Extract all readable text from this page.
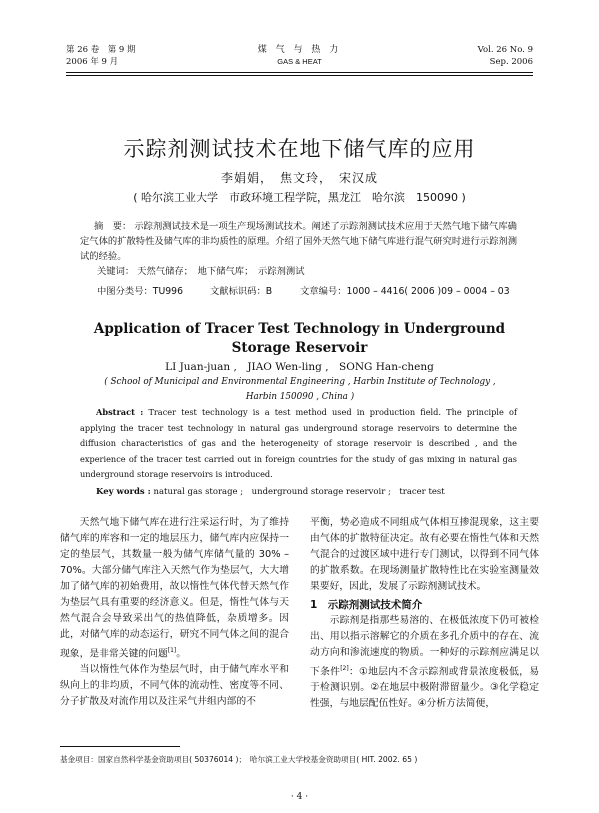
第 26 卷　第 9 期
2006 年 9 月
煤 气 与 热 力
GAS & HEAT
Vol. 26 No. 9
Sep. 2006
示踪剂测试技术在地下储气库的应用
李娟娟，　焦文玲，　宋汉成
( 哈尔滨工业大学　市政环境工程学院，黑龙江　哈尔滨　150090 )
摘　要： 示踪剂测试技术是一项生产现场测试技术。阐述了示踪剂测试技术应用于天然气地下储气库确定气体的扩散特性及储气库的非均质性的原理。介绍了国外天然气地下储气库进行混气研究时进行示踪剂测试的经验。
关键词： 天然气储存；　地下储气库；　示踪剂测试
中图分类号：TU996	文献标识码：B	文章编号：1000 – 4416( 2006 )09 – 0004 – 03
Application of Tracer Test Technology in Underground
Storage Reservoir
LI Juan-juan ,　JIAO Wen-ling ,　SONG Han-cheng
( School of Municipal and Environmental Engineering , Harbin Institute of Technology , Harbin 150090 , China )
Abstract : Tracer test technology is a test method used in production field. The principle of applying the tracer test technology in natural gas underground storage reservoirs to determine the diffusion characteristics of gas and the heterogeneity of storage reservoir is described , and the experience of the tracer test carried out in foreign countries for the study of gas mixing in natural gas underground storage reservoirs is introduced.
Key words : natural gas storage ;　underground storage reservoir ;　tracer test

天然气地下储气库在进行注采运行时，为了维持储气库的库容和一定的地层压力，储气库内应保持一定的垫层气，其数量一般为储气库储气量的 30% – 70%。大部分储气库注入天然气作为垫层气，大大增加了储气库的初始费用，故以惰性气体代替天然气作为垫层气具有重要的经济意义。但是，惰性气体与天然气混合会导致采出气的热值降低，杂质增多。因此，对储气库的动态运行，研究不同气体之间的混合现象，是非常关键的问题[1]。

当以惰性气体作为垫层气时，由于储气库水平和纵向上的非均质，不同气体的流动性、密度等不同、分子扩散及对流作用以及注采气井组内部的不

平衡，势必造成不同组成气体相互掺混现象，这主要由气体的扩散特征决定。故有必要在惰性气体和天然气混合的过渡区域中进行专门测试，以得到不同气体的扩散系数。在现场测量扩散特性比在实验室测量效果要好，因此，发展了示踪剂测试技术。

1　示踪剂测试技术简介

示踪剂是指那些易溶的、在极低浓度下仍可被检出、用以指示溶解它的介质在多孔介质中的存在、流动方向和渗流速度的物质。一种好的示踪剂应满足以下条件[2]：①地层内不含示踪剂或背景浓度极低，易于检测识别。②在地层中极附滞留量少。③化学稳定性强，与地层配伍性好。④分析方法简便，

基金项目：国家自然科学基金资助项目( 50376014 )；　哈尔滨工业大学校基金资助项目( HIT. 2002. 65 )
· 4 ·
